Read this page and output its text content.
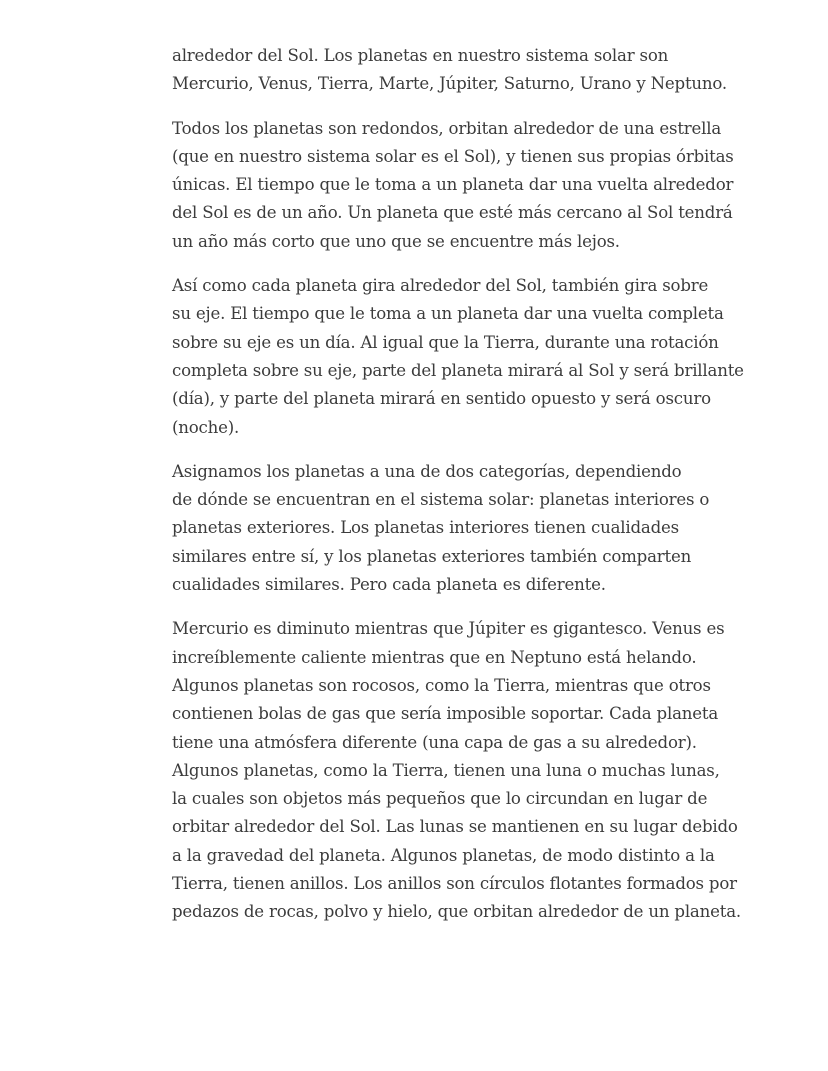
alrededor del Sol. Los planetas en nuestro sistema solar son
Mercurio, Venus, Tierra, Marte, Júpiter, Saturno, Urano y Neptuno.

Todos los planetas son redondos, orbitan alrededor de una estrella
(que en nuestro sistema solar es el Sol), y tienen sus propias órbitas
únicas. El tiempo que le toma a un planeta dar una vuelta alrededor
del Sol es de un año. Un planeta que esté más cercano al Sol tendrá
un año más corto que uno que se encuentre más lejos.

Así como cada planeta gira alrededor del Sol, también gira sobre
su eje. El tiempo que le toma a un planeta dar una vuelta completa
sobre su eje es un día. Al igual que la Tierra, durante una rotación
completa sobre su eje, parte del planeta mirará al Sol y será brillante
(día), y parte del planeta mirará en sentido opuesto y será oscuro
(noche).

Asignamos los planetas a una de dos categorías, dependiendo
de dónde se encuentran en el sistema solar: planetas interiores o
planetas exteriores. Los planetas interiores tienen cualidades
similares entre sí, y los planetas exteriores también comparten
cualidades similares. Pero cada planeta es diferente.

Mercurio es diminuto mientras que Júpiter es gigantesco. Venus es
increíblemente caliente mientras que en Neptuno está helando.
Algunos planetas son rocosos, como la Tierra, mientras que otros
contienen bolas de gas que sería imposible soportar. Cada planeta
tiene una atmósfera diferente (una capa de gas a su alrededor).
Algunos planetas, como la Tierra, tienen una luna o muchas lunas,
la cuales son objetos más pequeños que lo circundan en lugar de
orbitar alrededor del Sol. Las lunas se mantienen en su lugar debido
a la gravedad del planeta. Algunos planetas, de modo distinto a la
Tierra, tienen anillos. Los anillos son círculos flotantes formados por
pedazos de rocas, polvo y hielo, que orbitan alrededor de un planeta.
